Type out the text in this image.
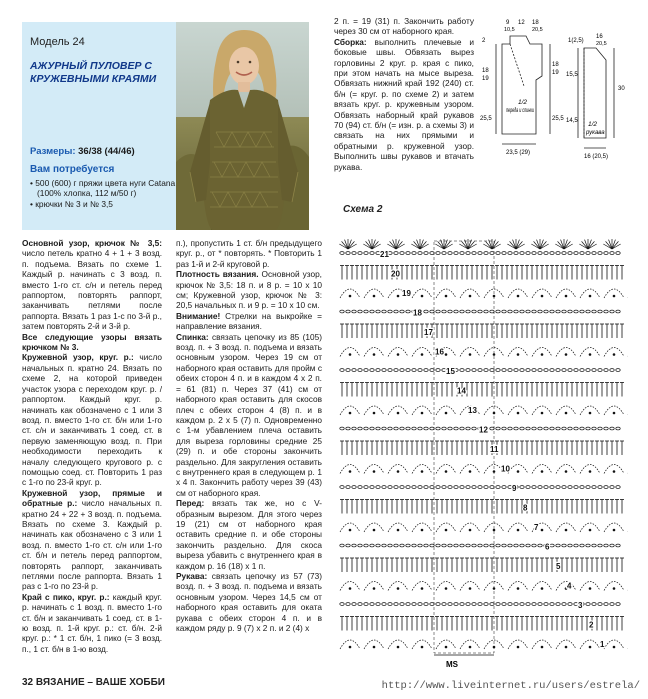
Модель 24
АЖУРНЫЙ ПУЛОВЕР С КРУЖЕВНЫМИ КРАЯМИ
Размеры: 36/38 (44/46)
Вам потребуется
• 500 (600) г пряжи цвета нуги Catana (100% хлопка, 112 м/50 г)
• крючки № 3 и № 3,5

Основной узор, крючок № 3,5: число петель кратно 4 + 1 + 3 возд. п. подъема. Вязать по схеме 1. Каждый р. начинать с 3 возд. п. вместо 1-го ст. с/н и петель перед раппортом, повторять раппорт, заканчивать петлями после раппорта. Вязать 1 раз 1-с по 3-й р., затем повторять 2-й и 3-й р.

Все следующие узоры вязать крючком № 3.

Кружевной узор, круг. р.: число начальных п. кратно 24. Вязать по схеме 2, на которой приведен участок узора с переходом круг. р. / раппортом. Каждый круг. р. начинать как обозначено с 1 или 3 возд. п. вместо 1-го ст. б/н или 1-го ст. с/н и заканчивать 1 соед. ст. в первую заменяющую возд. п. При необходимости переходить к началу следующего кругового р. с помощью соед. ст. Повторить 1 раз с 1-го по 23-й круг. р.

Кружевной узор, прямые и обратные р.: число начальных п. кратно 24 + 22 + 3 возд. п. подъема. Вязать по схеме 3. Каждый р. начинать как обозначено с 3 или 1 возд. п. вместо 1-го ст. с/н или 1-го ст. б/н и петель перед раппортом, повторять раппорт, заканчивать петлями после раппорта. Вязать 1 раз с 1-го по 23-й р.

Край с пико, круг. р.: каждый круг. р. начинать с 1 возд. п. вместо 1-го ст. б/н и заканчивать 1 соед. ст. в 1-ю возд. п. 1-й круг. р.: ст. б/н. 2-й круг. р.: * 1 ст. б/н, 1 пико (= 3 возд. п., 1 ст. б/н в 1-ю возд.

п.), пропустить 1 ст. б/н предыдущего круг. р., от * повторять. * Повторить 1 раз 1-й и 2-й круговой р.

Плотность вязания. Основной узор, крючок № 3,5: 18 п. и 8 р. = 10 х 10 см; Кружевной узор, крючок № 3: 20,5 начальных п. и 9 р. = 10 х 10 см.

Внимание! Стрелки на выкройке = направление вязания.

Спинка: связать цепочку из 85 (105) возд. п. + 3 возд. п. подъема и вязать основным узором. Через 19 см от наборного края оставить для пройм с обеих сторон 4 п. и в каждом 4 х 2 п. = 61 (81) п. Через 37 (41) см от наборного края оставить для скосов плеч с обеих сторон 4 (8) п. и в каждом р. 2 х 5 (7) п. Одновременно с 1-м убавлением плеча оставить для выреза горловины средние 25 (29) п. и обе стороны закончить раздельно. Для закругления оставить с внутреннего края в следующем р. 1 х 4 п. Закончить работу через 39 (43) см от наборного края.

Перед: вязать так же, но с V-образным вырезом. Для этого через 19 (21) см от наборного края оставить средние п. и обе стороны закончить раздельно. Для скоса выреза убавить с внутреннего края в каждом р. 16 (18) х 1 п.

Рукава: связать цепочку из 57 (73) возд. п. + 3 возд. п. подъема и вязать основным узором. Через 14,5 см от наборного края оставить для оката рукава с обеих сторон 4 п. и в каждом ряду р. 9 (7) х 2 п. и 2 (4) х

2 п. = 19 (31) п. Закончить работу через 30 см от наборного края.

Сборка: выполнить плечевые и боковые швы. Обвязать вырез горловины 2 круг. р. края с пико, при этом начать на мысе выреза. Обвязать нижний край 192 (240) ст. б/н (= круг. р. по схеме 2) и затем вязать круг. р. кружевным узором. Обвязать наборный край рукавов 70 (94) ст. б/н (= изн. р. а схемы 3) и связать на них прямыми и обратными р. кружевной узор. Выполнить швы рукавов и втачать рукава.

9
10,5
12 18
20,5
2
18
19
25,5
18
19
25,5
1/2
переда и спинки
23,5 (29)
1(2,5)
16
20,5
15,5
14,5
30
1/2
рукава
16 (20,5)
Схема 2
1
2
3
4
5
6
7
8
9
10
11
12
13
14
15
16
17
18
19
20
21
MS
32 ВЯЗАНИЕ – ВАШЕ ХОББИ	http://www.liveinternet.ru/users/estrela/
